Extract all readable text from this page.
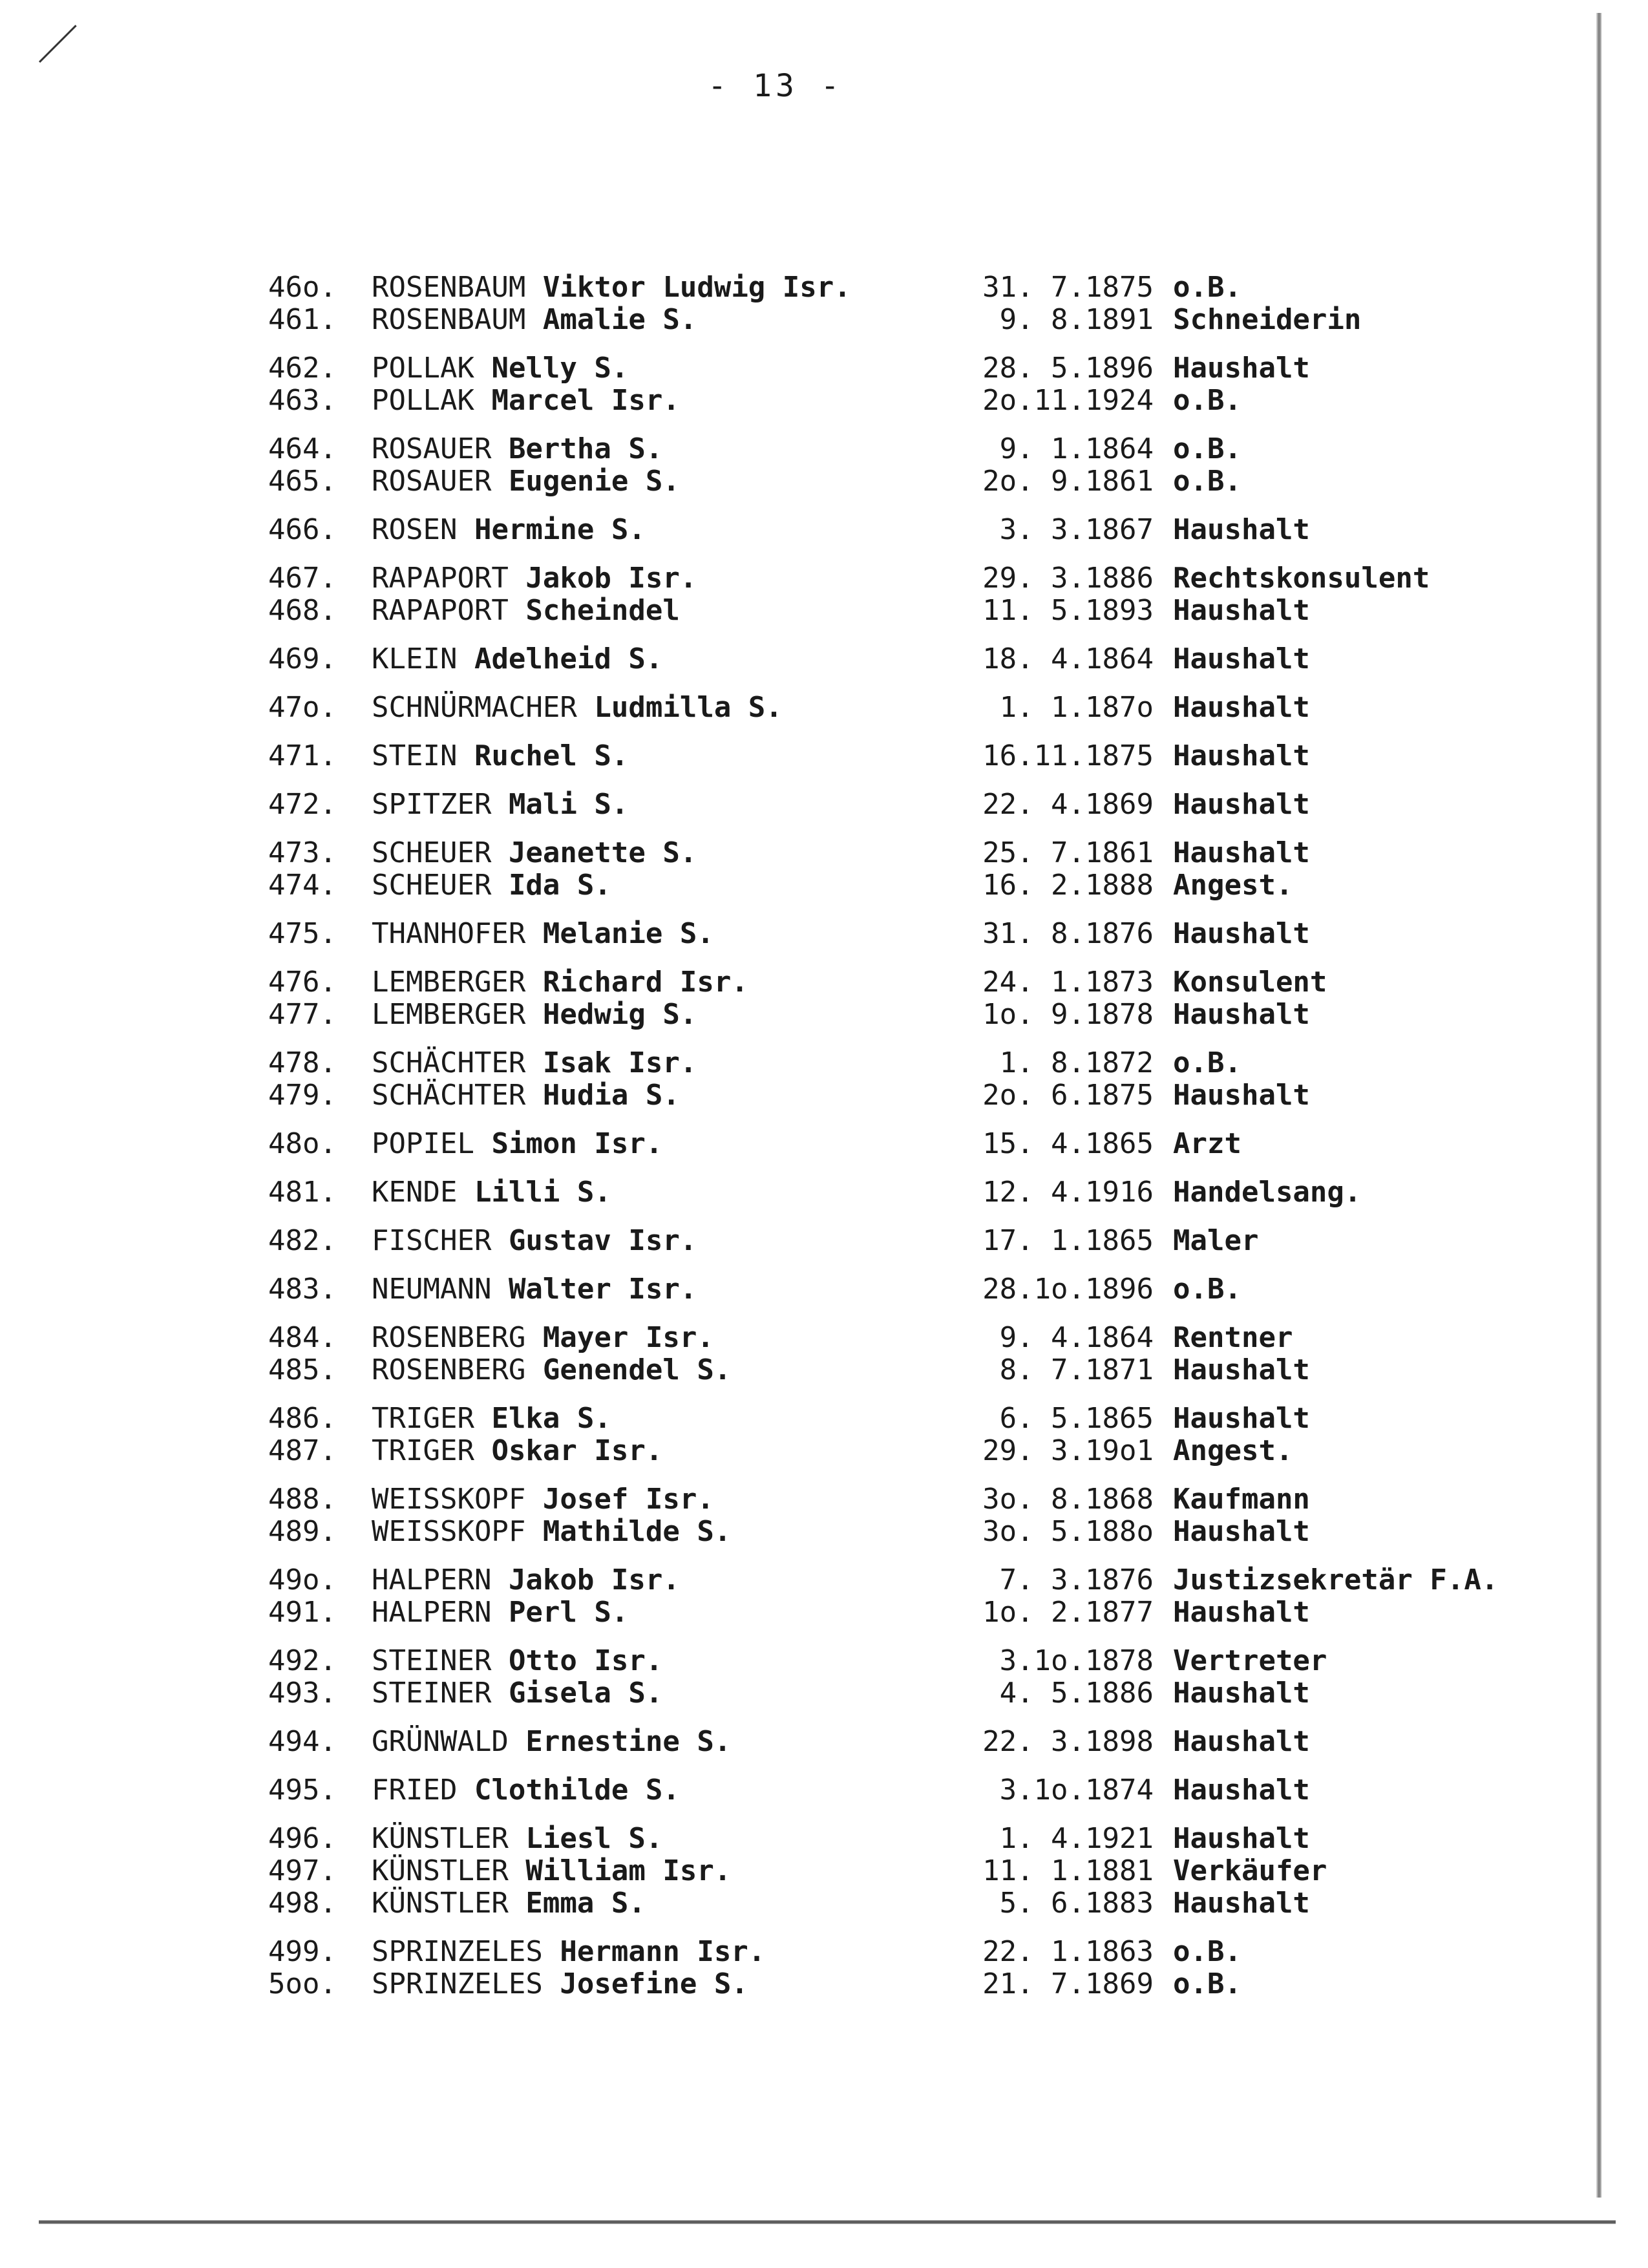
- 13 -
46o.	ROSENBAUM Viktor Ludwig Isr.	31. 7.1875 o.B.
461.	ROSENBAUM Amalie S.	9. 8.1891 Schneiderin
462.	POLLAK Nelly S.	28. 5.1896 Haushalt
463.	POLLAK Marcel Isr.	2o.11.1924 o.B.
464.	ROSAUER Bertha S.	9. 1.1864 o.B.
465.	ROSAUER Eugenie S.	2o. 9.1861 o.B.
466.	ROSEN Hermine S.	3. 3.1867 Haushalt
467.	RAPAPORT Jakob Isr.	29. 3.1886 Rechtskonsulent
468.	RAPAPORT Scheindel	11. 5.1893 Haushalt
469.	KLEIN Adelheid S.	18. 4.1864 Haushalt
47o.	SCHNÜRMACHER Ludmilla S.	1. 1.187o Haushalt
471.	STEIN Ruchel S.	16.11.1875 Haushalt
472.	SPITZER Mali S.	22. 4.1869 Haushalt
473.	SCHEUER Jeanette S.	25. 7.1861 Haushalt
474.	SCHEUER Ida S.	16. 2.1888 Angest.
475.	THANHOFER Melanie S.	31. 8.1876 Haushalt
476.	LEMBERGER Richard Isr.	24. 1.1873 Konsulent
477.	LEMBERGER Hedwig S.	1o. 9.1878 Haushalt
478.	SCHÄCHTER Isak Isr.	1. 8.1872 o.B.
479.	SCHÄCHTER Hudia S.	2o. 6.1875 Haushalt
48o.	POPIEL Simon Isr.	15. 4.1865 Arzt
481.	KENDE Lilli S.	12. 4.1916 Handelsang.
482.	FISCHER Gustav Isr.	17. 1.1865 Maler
483.	NEUMANN Walter Isr.	28.1o.1896 o.B.
484.	ROSENBERG Mayer Isr.	9. 4.1864 Rentner
485.	ROSENBERG Genendel S.	8. 7.1871 Haushalt
486.	TRIGER Elka S.	6. 5.1865 Haushalt
487.	TRIGER Oskar Isr.	29. 3.19o1 Angest.
488.	WEISSKOPF Josef Isr.	3o. 8.1868 Kaufmann
489.	WEISSKOPF Mathilde S.	3o. 5.188o Haushalt
49o.	HALPERN Jakob Isr.	7. 3.1876 Justizsekretär F.A.
491.	HALPERN Perl S.	1o. 2.1877 Haushalt
492.	STEINER Otto Isr.	3.1o.1878 Vertreter
493.	STEINER Gisela S.	4. 5.1886 Haushalt
494.	GRÜNWALD Ernestine S.	22. 3.1898 Haushalt
495.	FRIED Clothilde S.	3.1o.1874 Haushalt
496.	KÜNSTLER Liesl S.	1. 4.1921 Haushalt
497.	KÜNSTLER William Isr.	11. 1.1881 Verkäufer
498.	KÜNSTLER Emma S.	5. 6.1883 Haushalt
499.	SPRINZELES Hermann Isr.	22. 1.1863 o.B.
5oo.	SPRINZELES Josefine S.	21. 7.1869 o.B.
